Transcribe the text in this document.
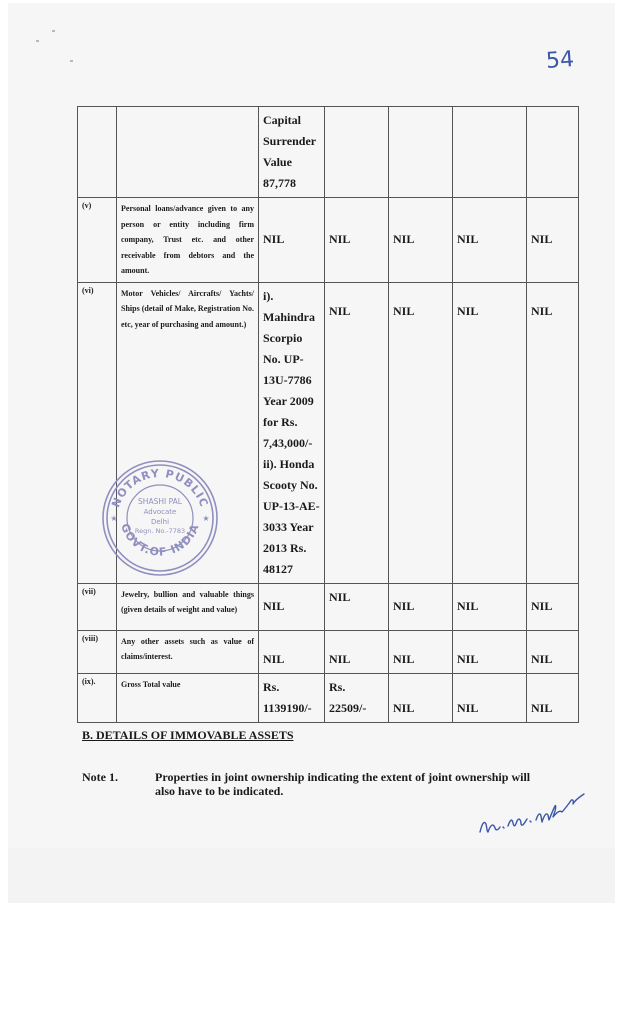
54
		Capital Surrender Value 87,778				
(v)	Personal loans/advance given to any person or entity including firm company, Trust etc. and other receivable from debtors and the amount.	NIL	NIL	NIL	NIL	NIL
(vi)	Motor Vehicles/ Aircrafts/ Yachts/ Ships (detail of Make, Registration No. etc, year of purchasing and amount.)	i). Mahindra Scorpio No. UP-13U-7786 Year 2009 for Rs. 7,43,000/- ii). Honda Scooty No. UP-13-AE-3033 Year 2013 Rs. 48127	NIL	NIL	NIL	NIL
(vii)	Jewelry, bullion and valuable things (given details of weight and value)	NIL	NIL	NIL	NIL	NIL
(viii)	Any other assets such as value of claims/interest.	NIL	NIL	NIL	NIL	NIL
(ix).	Gross Total value	Rs. 1139190/-	Rs. 22509/-	NIL	NIL	NIL
NOTARY PUBLIC
GOVT.OF INDIA
SHASHI PAL
Advocate
Delhi
Regn. No.-7783
★	★
B. DETAILS OF IMMOVABLE ASSETS
Note 1.	Properties in joint ownership indicating the extent of joint ownership will also have to be indicated.
